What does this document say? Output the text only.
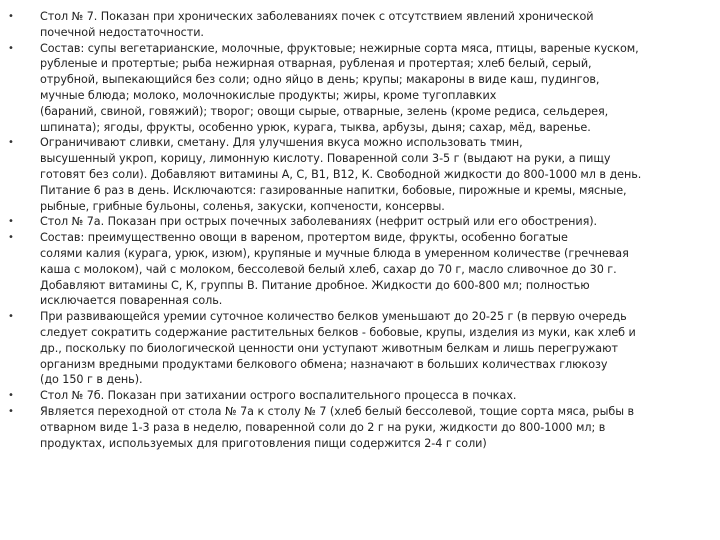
• Стол № 7. Показан при хронических заболеваниях почек с отсутствием явлений хронической
почечной недостаточности.
• Состав: супы вегетарианские, молочные, фруктовые; нежирные сорта мяса, птицы, вареные куском,
рубленые и протертые; рыба нежирная отварная, рубленая и протертая; хлеб белый, серый,
отрубной, выпекающийся без соли; одно яйцо в день; крупы; макароны в виде каш, пудингов,
мучные блюда; молоко, молочнокислые продукты; жиры, кроме тугоплавких
(бараний, свиной, говяжий); творог; овощи сырые, отварные, зелень (кроме редиса, сельдерея,
шпината); ягоды, фрукты, особенно урюк, курага, тыква, арбузы, дыня; сахар, мёд, варенье.
• Ограничивают сливки, сметану. Для улучшения вкуса можно использовать тмин,
высушенный укроп, корицу, лимонную кислоту. Поваренной соли 3-5 г (выдают на руки, а пищу
готовят без соли). Добавляют витамины А, С, В1, В12, К. Свободной жидкости до 800-1000 мл в день.
Питание 6 раз в день. Исключаются: газированные напитки, бобовые, пирожные и кремы, мясные,
рыбные, грибные бульоны, соленья, закуски, копчености, консервы.
• Стол № 7а. Показан при острых почечных заболеваниях (нефрит острый или его обострения).
• Состав: преимущественно овощи в вареном, протертом виде, фрукты, особенно богатые
солями калия (курага, урюк, изюм), крупяные и мучные блюда в умеренном количестве (гречневая
каша с молоком), чай с молоком, бессолевой белый хлеб, сахар до 70 г, масло сливочное до 30 г.
Добавляют витамины С, К, группы В. Питание дробное. Жидкости до 600-800 мл; полностью
исключается поваренная соль.
• При развивающейся уремии суточное количество белков уменьшают до 20-25 г (в первую очередь
следует сократить содержание растительных белков - бобовые, крупы, изделия из муки, как хлеб и
др., поскольку по биологической ценности они уступают животным белкам и лишь перегружают
организм вредными продуктами белкового обмена; назначают в больших количествах глюкозу
(до 150 г в день).
• Стол № 7б. Показан при затихании острого воспалительного процесса в почках.
• Является переходной от стола № 7а к столу № 7 (хлеб белый бессолевой, тощие сорта мяса, рыбы в
отварном виде 1-3 раза в неделю, поваренной соли до 2 г на руки, жидкости до 800-1000 мл; в
продуктах, используемых для приготовления пищи содержится 2-4 г соли)
